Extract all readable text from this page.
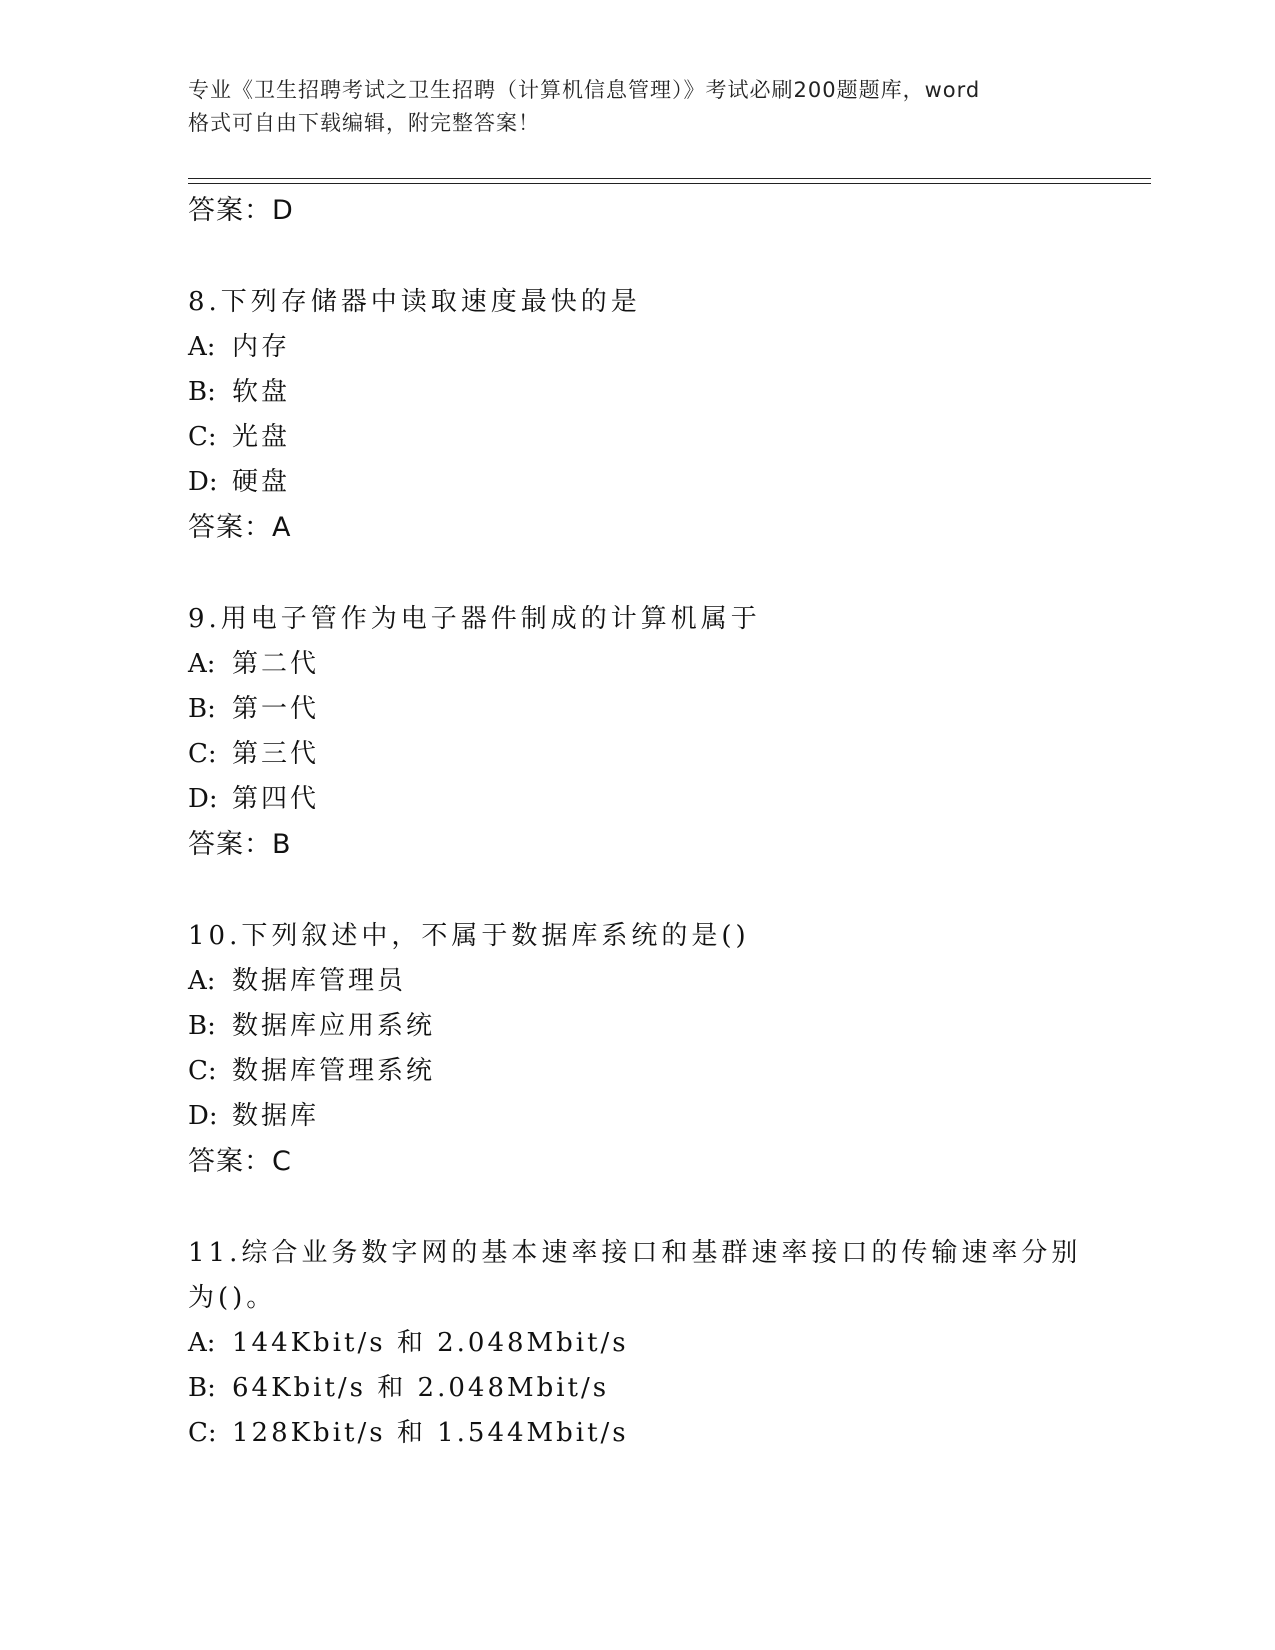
专业《卫生招聘考试之卫生招聘（计算机信息管理）》考试必刷200题题库，word
格式可自由下载编辑，附完整答案！
答案：D
8.下列存储器中读取速度最快的是
A: 内存
B: 软盘
C: 光盘
D: 硬盘
答案：A
9.用电子管作为电子器件制成的计算机属于
A: 第二代
B: 第一代
C: 第三代
D: 第四代
答案：B
10.下列叙述中，不属于数据库系统的是()
A: 数据库管理员
B: 数据库应用系统
C: 数据库管理系统
D: 数据库
答案：C
11.综合业务数字网的基本速率接口和基群速率接口的传输速率分别为()。
A: 144Kbit/s 和 2.048Mbit/s
B: 64Kbit/s 和 2.048Mbit/s
C: 128Kbit/s 和 1.544Mbit/s
